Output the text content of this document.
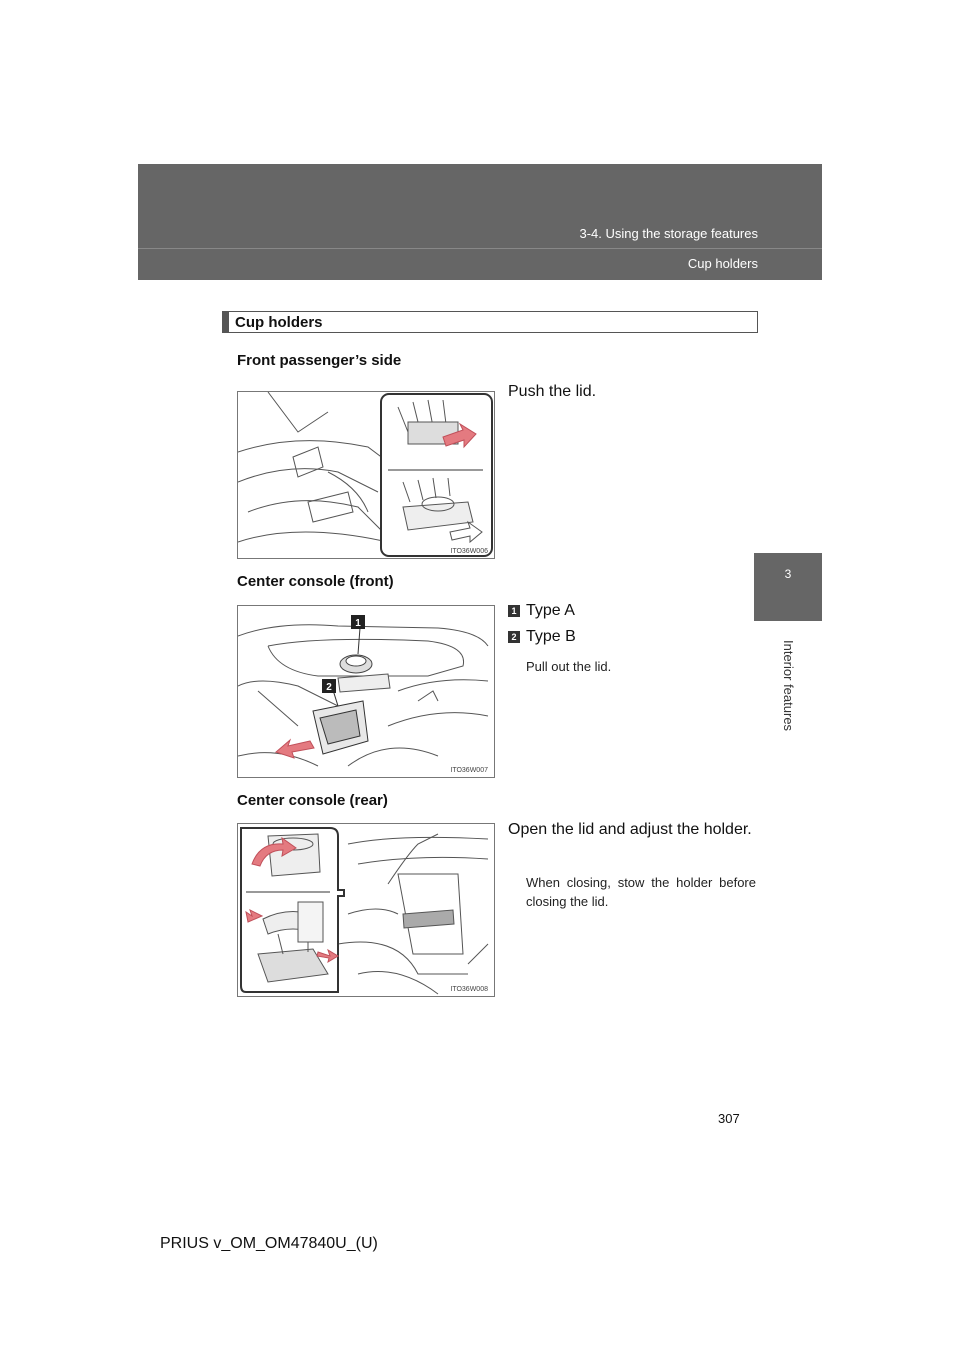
3-4. Using the storage features
Cup holders
3
Interior features
Cup holders
Front passenger’s side
ITO36W006
Push the lid.
Center console (front)
1
2
ITO36W007
1 Type A
2 Type B
Pull out the lid.
Center console (rear)
ITO36W008
Open the lid and adjust the holder.
When closing, stow the holder before closing the lid.
307
PRIUS v_OM_OM47840U_(U)
